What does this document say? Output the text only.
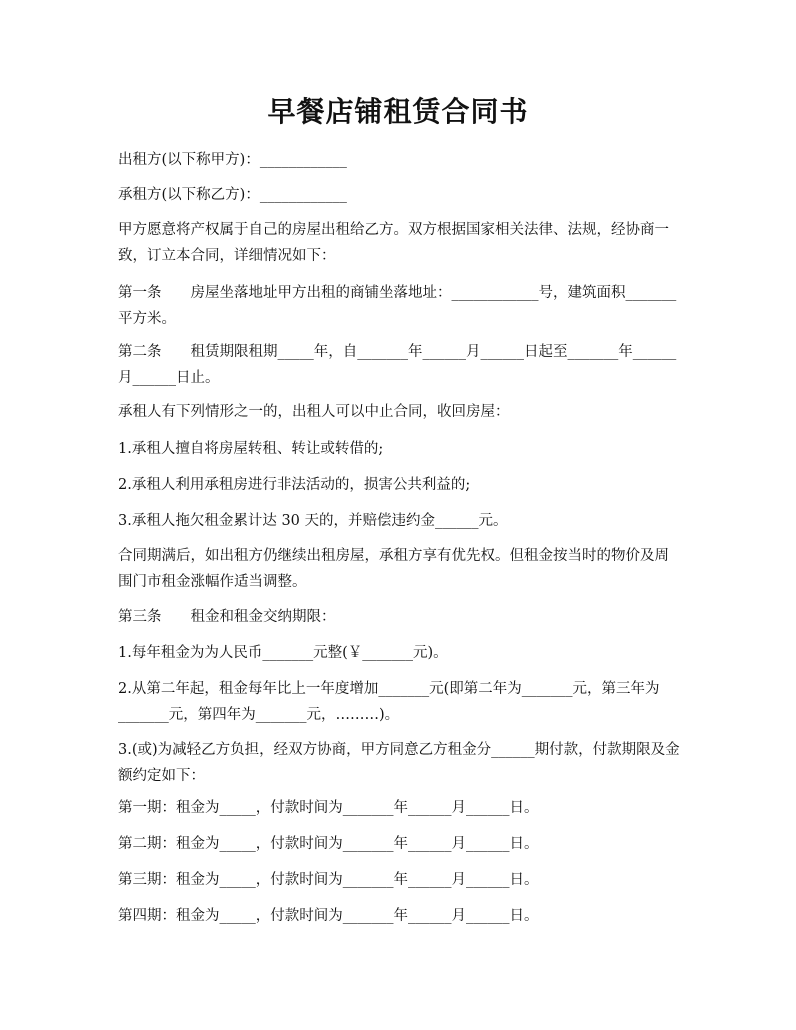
早餐店铺租赁合同书

出租方(以下称甲方)：____________

承租方(以下称乙方)：____________

甲方愿意将产权属于自己的房屋出租给乙方。双方根据国家相关法律、法规，经协商一致，订立本合同，详细情况如下：

第一条　　房屋坐落地址甲方出租的商铺坐落地址：____________号，建筑面积_______平方米。

第二条　　租赁期限租期_____年，自_______年______月______日起至_______年______月______日止。

承租人有下列情形之一的，出租人可以中止合同，收回房屋：

1.承租人擅自将房屋转租、转让或转借的;

2.承租人利用承租房进行非法活动的，损害公共利益的;

3.承租人拖欠租金累计达 30 天的，并赔偿违约金______元。

合同期满后，如出租方仍继续出租房屋，承租方享有优先权。但租金按当时的物价及周围门市租金涨幅作适当调整。

第三条　　租金和租金交纳期限：

1.每年租金为为人民币_______元整(￥_______元)。

2.从第二年起，租金每年比上一年度增加_______元(即第二年为_______元，第三年为_______元，第四年为_______元，………)。

3.(或)为减轻乙方负担，经双方协商，甲方同意乙方租金分______期付款，付款期限及金额约定如下：

第一期：租金为_____，付款时间为_______年______月______日。

第二期：租金为_____，付款时间为_______年______月______日。

第三期：租金为_____，付款时间为_______年______月______日。

第四期：租金为_____，付款时间为_______年______月______日。
